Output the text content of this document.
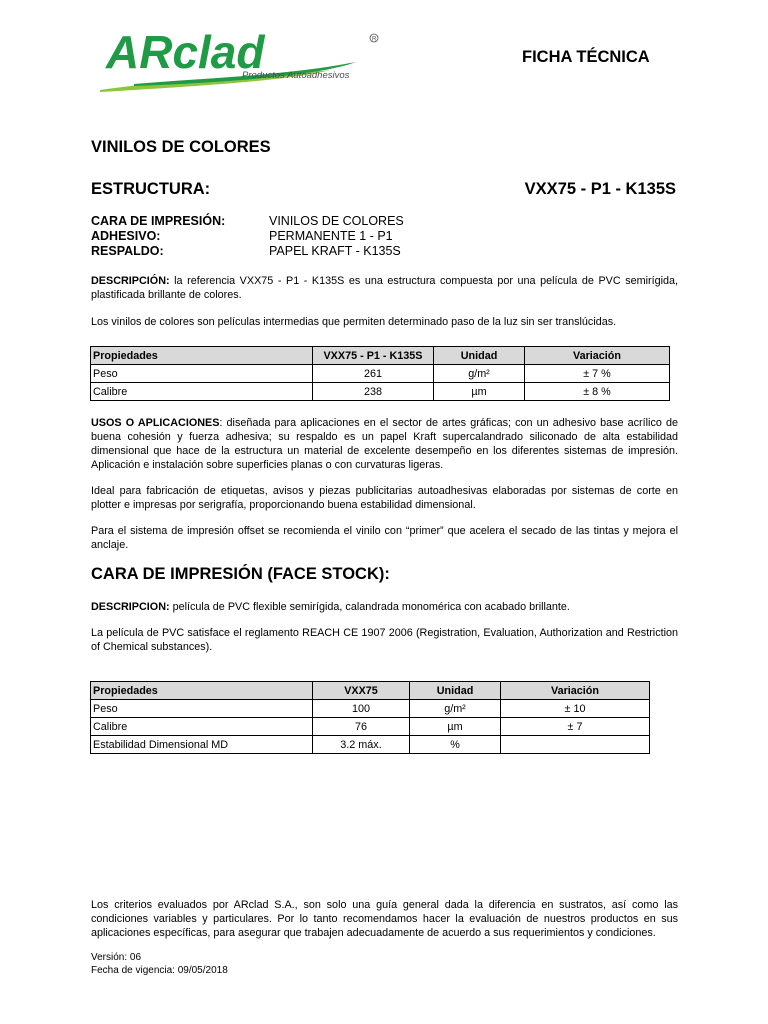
ARclad	R
Productos Autoadhesivos
FICHA TÉCNICA
VINILOS DE COLORES
ESTRUCTURA:	VXX75 - P1 - K135S
CARA DE IMPRESIÓN:	VINILOS DE COLORES
ADHESIVO:	PERMANENTE 1 - P1
RESPALDO:	PAPEL KRAFT - K135S
DESCRIPCIÓN: la referencia VXX75 - P1 - K135S es una estructura compuesta por una película de PVC semirígida, plastificada brillante de colores.
Los vinilos de colores son películas intermedias que permiten determinado paso de la luz sin ser translúcidas.
Propiedades	VXX75 - P1 - K135S	Unidad	Variación
Peso	261	g/m²	± 7 %
Calibre	238	µm	± 8 %
USOS O APLICACIONES: diseñada para aplicaciones en el sector de artes gráficas; con un adhesivo base acrílico de buena cohesión y fuerza adhesiva; su respaldo es un papel Kraft supercalandrado siliconado de alta estabilidad dimensional que hace de la estructura un material de excelente desempeño en los diferentes sistemas de impresión. Aplicación e instalación sobre superficies planas o con curvaturas ligeras.
Ideal para fabricación de etiquetas, avisos y piezas publicitarias autoadhesivas elaboradas por sistemas de corte en plotter e impresas por serigrafía, proporcionando buena estabilidad dimensional.
Para el sistema de impresión offset se recomienda el vinilo con “primer” que acelera el secado de las tintas y mejora el anclaje.
CARA DE IMPRESIÓN (FACE STOCK):
DESCRIPCION: película de PVC flexible semirígida, calandrada monomérica con acabado brillante.
La película de PVC satisface el reglamento REACH CE 1907 2006 (Registration, Evaluation, Authorization and Restriction of Chemical substances).
Propiedades	VXX75	Unidad	Variación
Peso	100	g/m²	± 10
Calibre	76	µm	± 7
Estabilidad Dimensional MD	3.2 máx.	%	
Los criterios evaluados por ARclad S.A., son solo una guía general dada la diferencia en sustratos, así como las condiciones variables y particulares. Por lo tanto recomendamos hacer la evaluación de nuestros productos en sus aplicaciones específicas, para asegurar que trabajen adecuadamente de acuerdo a sus requerimientos y condiciones.
Versión: 06
Fecha de vigencia: 09/05/2018
